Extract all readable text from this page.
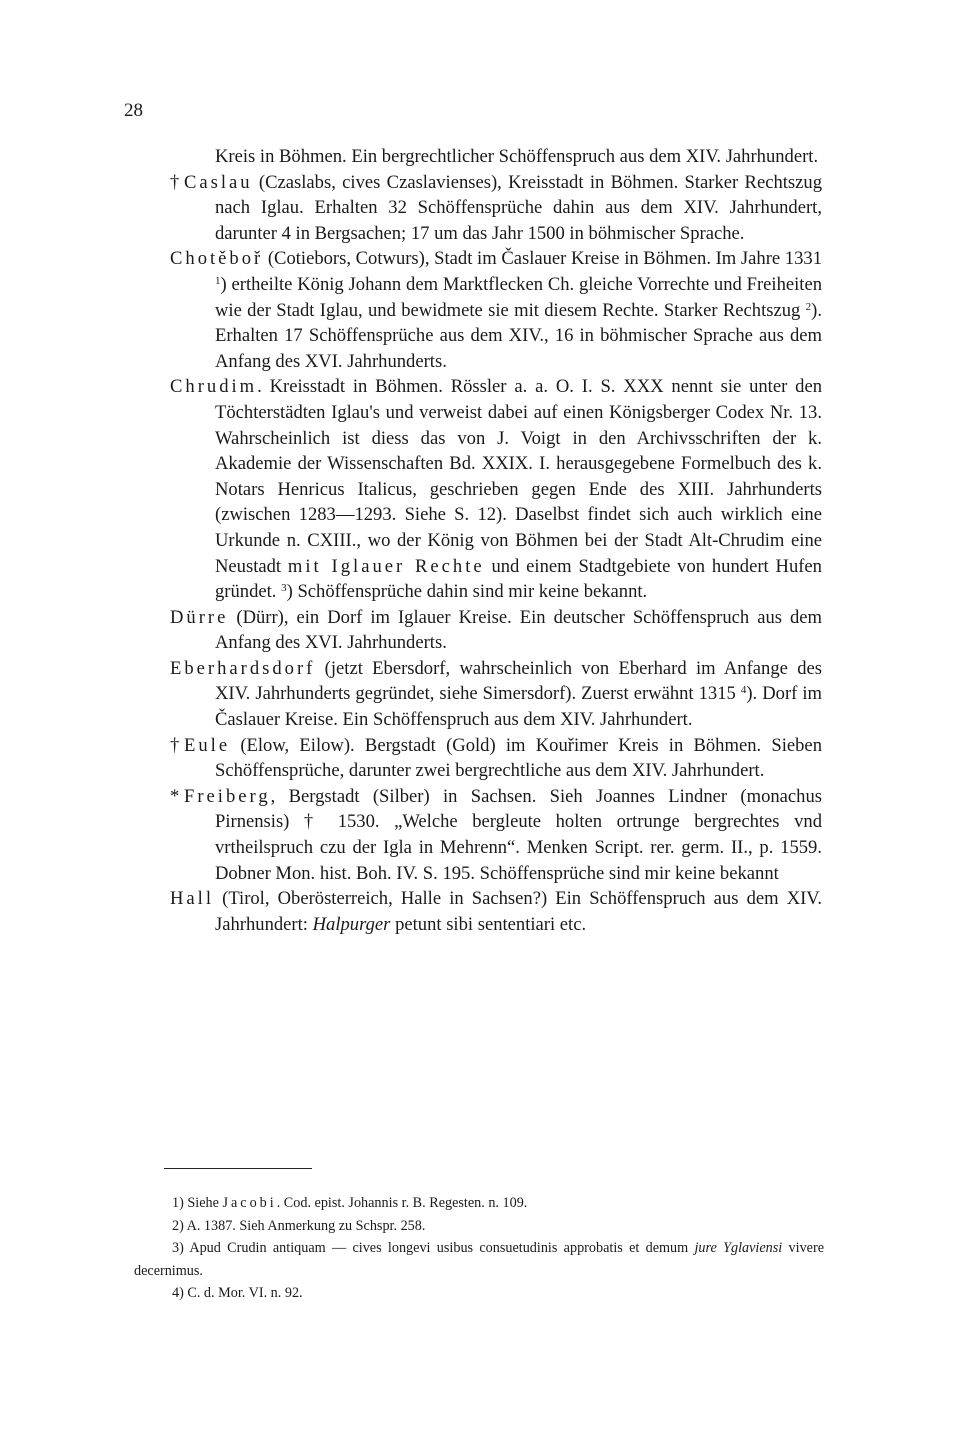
28

Kreis in Böhmen. Ein bergrechtlicher Schöffenspruch aus dem XIV. Jahrhundert.

† Caslau (Czaslabs, cives Czaslavienses), Kreisstadt in Böhmen. Starker Rechtszug nach Iglau. Erhalten 32 Schöffensprüche dahin aus dem XIV. Jahrhundert, darunter 4 in Bergsachen; 17 um das Jahr 1500 in böhmischer Sprache.

Chotěboř (Cotiebors, Cotwurs), Stadt im Časlauer Kreise in Böhmen. Im Jahre 1331 $^1$) ertheilte König Johann dem Marktflecken Ch. gleiche Vorrechte und Freiheiten wie der Stadt Iglau, und bewidmete sie mit diesem Rechte. Starker Rechtszug $^2$). Erhalten 17 Schöffensprüche aus dem XIV., 16 in böhmischer Sprache aus dem Anfang des XVI. Jahrhunderts.

Chrudim. Kreisstadt in Böhmen. Rössler a. a. O. I. S. XXX nennt sie unter den Töchterstädten Iglau's und verweist dabei auf einen Königsberger Codex Nr. 13. Wahrscheinlich ist diess das von J. Voigt in den Archivsschriften der k. Akademie der Wissenschaften Bd. XXIX. I. herausgegebene Formelbuch des k. Notars Henricus Italicus, geschrieben gegen Ende des XIII. Jahrhunderts (zwischen 1283—1293. Siehe S. 12). Daselbst findet sich auch wirklich eine Urkunde n. CXIII., wo der König von Böhmen bei der Stadt Alt-Chrudim eine Neustadt mit Iglauer Rechte und einem Stadtgebiete von hundert Hufen gründet. $^3$) Schöffensprüche dahin sind mir keine bekannt.

Dürre (Dürr), ein Dorf im Iglauer Kreise. Ein deutscher Schöffenspruch aus dem Anfang des XVI. Jahrhunderts.

Eberhardsdorf (jetzt Ebersdorf, wahrscheinlich von Eberhard im Anfange des XIV. Jahrhunderts gegründet, siehe Simersdorf). Zuerst erwähnt 1315 $^4$). Dorf im Časlauer Kreise. Ein Schöffenspruch aus dem XIV. Jahrhundert.

† Eule (Elow, Eilow). Bergstadt (Gold) im Kouřimer Kreis in Böhmen. Sieben Schöffensprüche, darunter zwei bergrechtliche aus dem XIV. Jahrhundert.

* Freiberg, Bergstadt (Silber) in Sachsen. Sieh Joannes Lindner (monachus Pirnensis) † 1530. „Welche bergleute holten ortrunge bergrechtes vnd vrtheilspruch czu der Igla in Mehrenn“. Menken Script. rer. germ. II., p. 1559. Dobner Mon. hist. Boh. IV. S. 195. Schöffensprüche sind mir keine bekannt

Hall (Tirol, Oberösterreich, Halle in Sachsen?) Ein Schöffenspruch aus dem XIV. Jahrhundert: Halpurger petunt sibi sententiari etc.

1) Siehe Jacobi. Cod. epist. Johannis r. B. Regesten. n. 109.

2) A. 1387. Sieh Anmerkung zu Schspr. 258.

3) Apud Crudin antiquam — cives longevi usibus consuetudinis approbatis et demum jure Yglaviensi vivere decernimus.

4) C. d. Mor. VI. n. 92.
